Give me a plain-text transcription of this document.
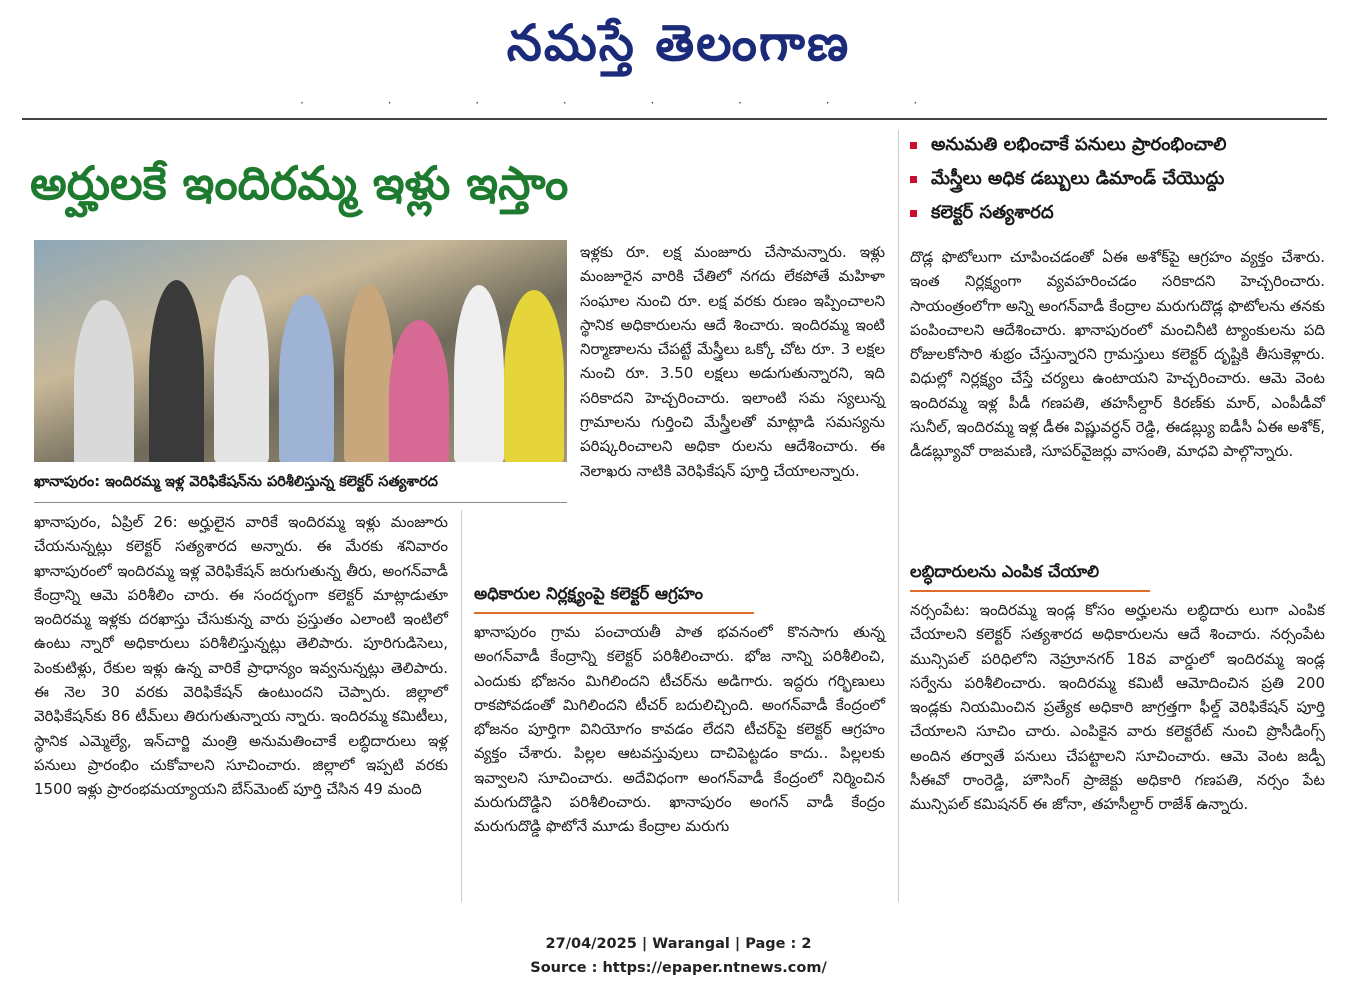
నమస్తే తెలంగాణ
· · · · · · · ·
అర్హులకే ఇందిరమ్మ ఇళ్లు ఇస్తాం
అనుమతి లభించాకే పనులు ప్రారంభించాలి
మేస్త్రీలు అధిక డబ్బులు డిమాండ్ చేయొద్దు
కలెక్టర్ సత్యశారద
ఖానాపురం: ఇందిరమ్మ ఇళ్ల వెరిఫికేషన్‌ను పరిశీలిస్తున్న కలెక్టర్ సత్యశారద

ఖానాపురం, ఏప్రిల్ 26: అర్హులైన వారికే ఇందిరమ్మ ఇళ్లు మంజూరు చేయనున్నట్లు కలెక్టర్ సత్యశారద అన్నారు. ఈ మేరకు శనివారం ఖానాపురంలో ఇందిరమ్మ ఇళ్ల వెరిఫికేషన్ జరుగుతున్న తీరు, అంగన్‌వాడీ కేంద్రాన్ని ఆమె పరిశీలిం చారు. ఈ సందర్భంగా కలెక్టర్ మాట్లాడుతూ ఇందిరమ్మ ఇళ్లకు దరఖాస్తు చేసుకున్న వారు ప్రస్తుతం ఎలాంటి ఇంటిలో ఉంటు న్నారో అధికారులు పరిశీలిస్తున్నట్లు తెలిపారు. పూరిగుడిసెలు, పెంకుటిళ్లు, రేకుల ఇళ్లు ఉన్న వారికే ప్రాధాన్యం ఇవ్వనున్నట్లు తెలిపారు. ఈ నెల 30 వరకు వెరిఫికేషన్ ఉంటుందని చెప్పారు. జిల్లాలో వెరిఫికేషన్‌కు 86 టీమ్‌లు తిరుగుతున్నాయ న్నారు. ఇందిరమ్మ కమిటీలు, స్థానిక ఎమ్మెల్యే, ఇన్‌చార్జి మంత్రి అనుమతించాకే లబ్ధిదారులు ఇళ్ల పనులు ప్రారంభిం చుకోవాలని సూచించారు. జిల్లాలో ఇప్పటి వరకు 1500 ఇళ్లు ప్రారంభమయ్యాయని బేస్‌మెంట్ పూర్తి చేసిన 49 మంది

ఇళ్లకు రూ. లక్ష మంజూరు చేసామన్నారు. ఇళ్లు మంజూరైన వారికి చేతిలో నగదు లేకపోతే మహిళా సంఘాల నుంచి రూ. లక్ష వరకు రుణం ఇప్పించాలని స్థానిక అధికారులను ఆదే శించారు. ఇందిరమ్మ ఇంటి నిర్మాణాలను చేపట్టే మేస్త్రీలు ఒక్కో చోట రూ. 3 లక్షల నుంచి రూ. 3.50 లక్షలు అడుగుతున్నారని, ఇది సరికాదని హెచ్చరించారు. ఇలాంటి సమ స్యలున్న గ్రామాలను గుర్తించి మేస్త్రీలతో మాట్లాడి సమస్యను పరిష్కరించాలని అధికా రులను ఆదేశించారు. ఈ నెలాఖరు నాటికి వెరిఫికేషన్ పూర్తి చేయాలన్నారు.

అధికారుల నిర్లక్ష్యంపై కలెక్టర్ ఆగ్రహం

ఖానాపురం గ్రామ పంచాయతీ పాత భవనంలో కొనసాగు తున్న అంగన్‌వాడీ కేంద్రాన్ని కలెక్టర్ పరిశీలించారు. భోజ నాన్ని పరిశీలించి, ఎందుకు భోజనం మిగిలిందని టీచర్‌ను అడిగారు. ఇద్దరు గర్భిణులు రాకపోవడంతో మిగిలిందని టీచర్ బదులిచ్చింది. అంగన్‌వాడీ కేంద్రంలో భోజనం పూర్తిగా వినియోగం కావడం లేదని టీచర్‌పై కలెక్టర్ ఆగ్రహం వ్యక్తం చేశారు. పిల్లల ఆటవస్తువులు దాచిపెట్టడం కాదు.. పిల్లలకు ఇవ్వాలని సూచించారు. అదేవిధంగా అంగన్‌వాడీ కేంద్రంలో నిర్మించిన మరుగుదొడ్డిని పరిశీలించారు. ఖానాపురం అంగన్ వాడీ కేంద్రం మరుగుదొడ్డి ఫొటోనే మూడు కేంద్రాల మరుగు

దొడ్ల ఫొటోలుగా చూపించడంతో ఏఈ అశోక్‌పై ఆగ్రహం వ్యక్తం చేశారు. ఇంత నిర్లక్ష్యంగా వ్యవహరించడం సరికాదని హెచ్చరించారు. సాయంత్రంలోగా అన్ని అంగన్‌వాడీ కేంద్రాల మరుగుదొడ్ల ఫొటోలను తనకు పంపించాలని ఆదేశించారు. ఖానాపురంలో మంచినీటి ట్యాంకులను పది రోజులకోసారి శుభ్రం చేస్తున్నారని గ్రామస్తులు కలెక్టర్ దృష్టికి తీసుకెళ్లారు. విధుల్లో నిర్లక్ష్యం చేస్తే చర్యలు ఉంటాయని హెచ్చరించారు. ఆమె వెంట ఇందిరమ్మ ఇళ్ల పీడీ గణపతి, తహసీల్దార్ కిరణ్‌కు మార్, ఎంపీడీవో సునీల్, ఇందిరమ్మ ఇళ్ల డీఈ విష్ణువర్ధన్ రెడ్డి, ఈడబ్ల్యు ఐడీసీ ఏఈ అశోక్, డీడబ్ల్యూవో రాజమణి, సూపర్‌వైజర్లు వాసంతి, మాధవి పాల్గొన్నారు.

లబ్ధిదారులను ఎంపిక చేయాలి

నర్సంపేట: ఇందిరమ్మ ఇండ్ల కోసం అర్హులను లబ్ధిదారు లుగా ఎంపిక చేయాలని కలెక్టర్ సత్యశారద అధికారులను ఆదే శించారు. నర్సంపేట మున్సిపల్ పరిధిలోని నెహ్రూనగర్ 18వ వార్డులో ఇందిరమ్మ ఇండ్ల సర్వేను పరిశీలించారు. ఇందిరమ్మ కమిటీ ఆమోదించిన ప్రతి 200 ఇండ్లకు నియమించిన ప్రత్యేక అధికారి జాగ్రత్తగా ఫీల్డ్ వెరిఫికేషన్ పూర్తి చేయాలని సూచిం చారు. ఎంపికైన వారు కలెక్టరేట్ నుంచి ప్రొసీడింగ్స్ అందిన తర్వాతే పనులు చేపట్టాలని సూచించారు. ఆమె వెంట జడ్పీ సీఈవో రాంరెడ్డి, హౌసింగ్ ప్రాజెక్టు అధికారి గణపతి, నర్సం పేట మున్సిపల్ కమిషనర్ ఈ జోనా, తహసీల్దార్ రాజేశ్ ఉన్నారు.

27/04/2025 | Warangal | Page : 2
Source : https://epaper.ntnews.com/
